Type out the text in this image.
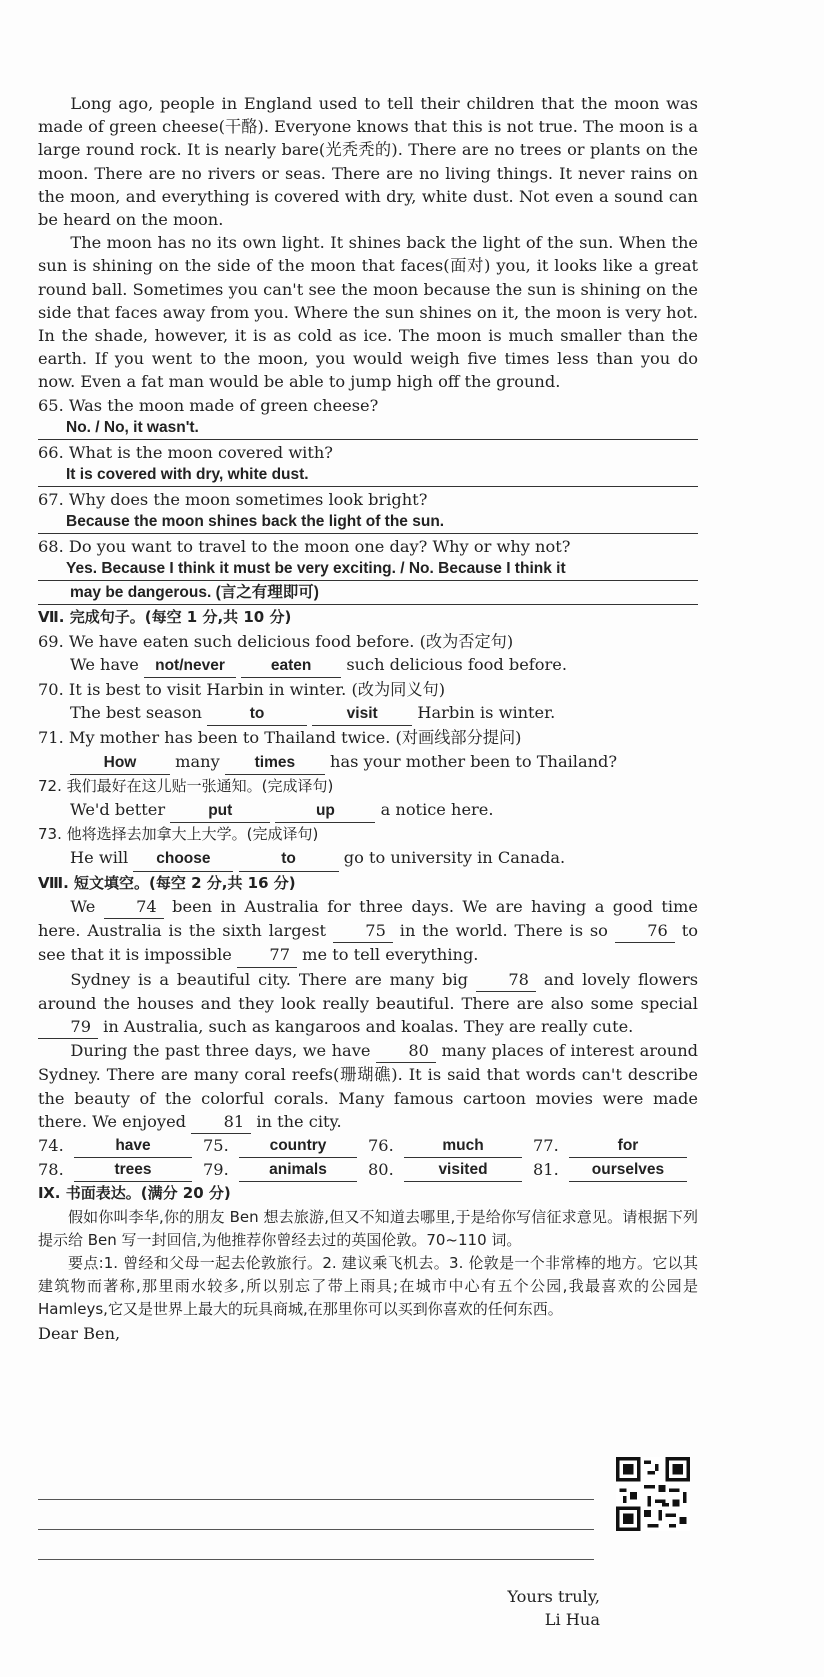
Long ago, people in England used to tell their children that the moon was made of green cheese(干酪). Everyone knows that this is not true. The moon is a large round rock. It is nearly bare(光秃秃的). There are no trees or plants on the moon. There are no rivers or seas. There are no living things. It never rains on the moon, and everything is covered with dry, white dust. Not even a sound can be heard on the moon.

The moon has no its own light. It shines back the light of the sun. When the sun is shining on the side of the moon that faces(面对) you, it looks like a great round ball. Sometimes you can't see the moon because the sun is shining on the side that faces away from you. Where the sun shines on it, the moon is very hot. In the shade, however, it is as cold as ice. The moon is much smaller than the earth. If you went to the moon, you would weigh five times less than you do now. Even a fat man would be able to jump high off the ground.

65. Was the moon made of green cheese?

No. / No, it wasn't.

66. What is the moon covered with?

It is covered with dry, white dust.

67. Why does the moon sometimes look bright?

Because the moon shines back the light of the sun.

68. Do you want to travel to the moon one day? Why or why not?

Yes. Because I think it must be very exciting. / No. Because I think it

may be dangerous. (言之有理即可)

Ⅶ. 完成句子。(每空 1 分,共 10 分)

69. We have eaten such delicious food before. (改为否定句)

We have not/never	eaten such delicious food before.

70. It is best to visit Harbin in winter. (改为同义句)

The best season	to	visit Harbin is winter.

71. My mother has been to Thailand twice. (对画线部分提问)

How many times has your mother been to Thailand?

72. 我们最好在这儿贴一张通知。(完成译句)

We'd better	put	up	a notice here.

73. 他将选择去加拿大上大学。(完成译句)

He will choose	to	go to university in Canada.

Ⅷ. 短文填空。(每空 2 分,共 16 分)

We	74 been in Australia for three days. We are having a good time here. Australia is the sixth largest 75 in the world. There is so 76 to see that it is impossible 77 me to tell everything.

Sydney is a beautiful city. There are many big 78 and lovely flowers around the houses and they look really beautiful. There are also some special 79 in Australia, such as kangaroos and koalas. They are really cute.

During the past three days, we have 80 many places of interest around Sydney. There are many coral reefs(珊瑚礁). It is said that words can't describe the beauty of the colorful corals. Many famous cartoon movies were made there. We enjoyed 81 in the city.

74.	have	75.	country	76.	much	77.	for
78.	trees	79.	animals	80.	visited	81.	ourselves

Ⅸ. 书面表达。(满分 20 分)

假如你叫李华,你的朋友 Ben 想去旅游,但又不知道去哪里,于是给你写信征求意见。请根据下列提示给 Ben 写一封回信,为他推荐你曾经去过的英国伦敦。70~110 词。

要点:1. 曾经和父母一起去伦敦旅行。2. 建议乘飞机去。3. 伦敦是一个非常棒的地方。它以其建筑物而著称,那里雨水较多,所以别忘了带上雨具;在城市中心有五个公园,我最喜欢的公园是 Hamleys,它又是世界上最大的玩具商城,在那里你可以买到你喜欢的任何东西。

Dear Ben,

Yours truly,
Li Hua
